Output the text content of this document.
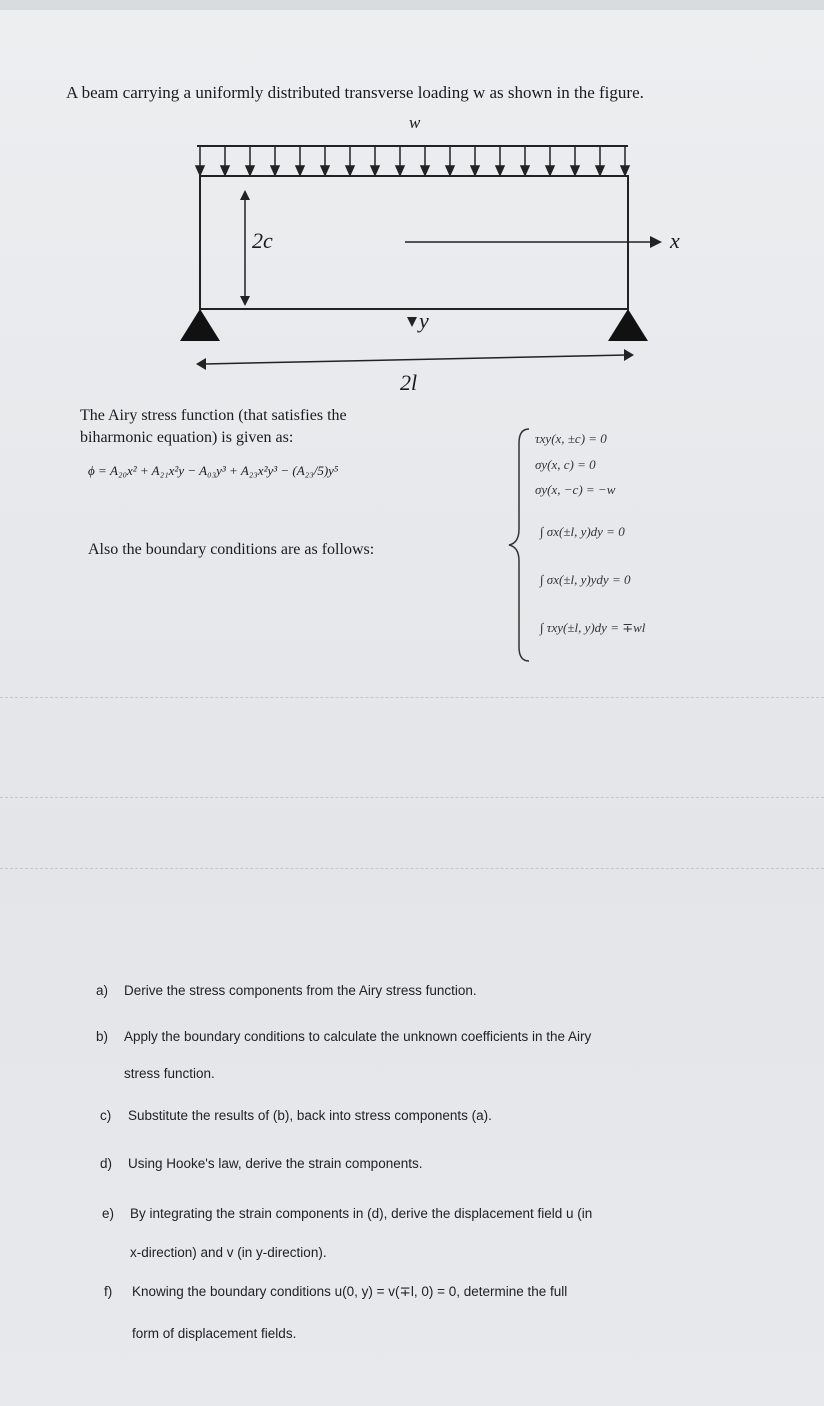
A beam carrying a uniformly distributed transverse loading w as shown in the figure.
w
2c	x
y
2l
The Airy stress function (that satisfies the
biharmonic equation) is given as:
ϕ = A₂₀x² + A₂₁x²y − A₀₃y³ + A₂₃x²y³ − (A₂₃/5)y⁵
Also the boundary conditions are as follows:
τxy(x, ±c) = 0
σy(x, c) = 0
σy(x, −c) = −w
∫ σx(±l, y)dy = 0
∫ σx(±l, y)ydy = 0
∫ τxy(±l, y)dy = ∓wl
a) Derive the stress components from the Airy stress function.
b) Apply the boundary conditions to calculate the unknown coefficients in the Airy
stress function.
c) Substitute the results of (b), back into stress components (a).
d) Using Hooke's law, derive the strain components.
e) By integrating the strain components in (d), derive the displacement field u (in
x-direction) and v (in y-direction).
f) Knowing the boundary conditions u(0, y) = v(∓l, 0) = 0, determine the full
form of displacement fields.
